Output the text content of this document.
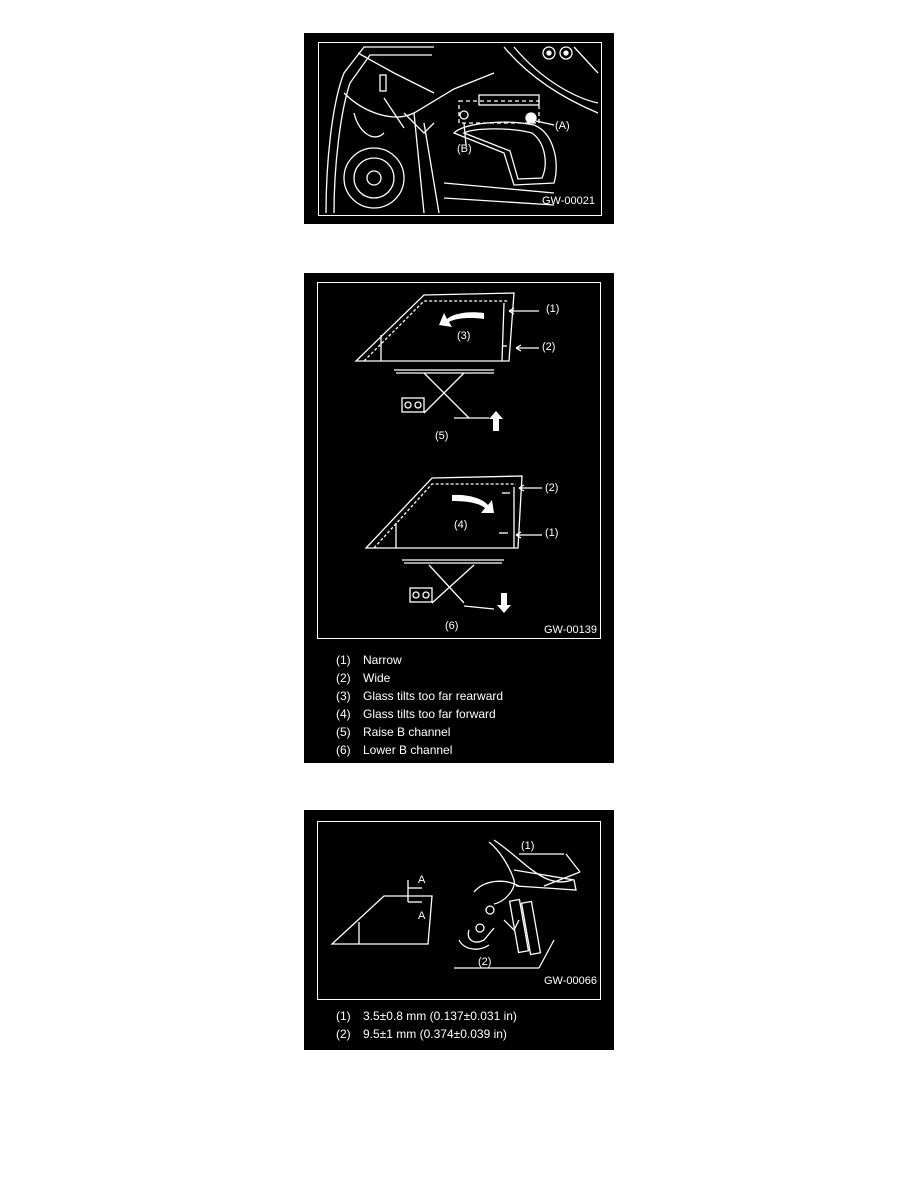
(A)
(B)
GW-00021
(1)
(2)
(3)
(5)
(2)
(4)
(1)
(6)	GW-00139
(1)	Narrow
(2)	Wide
(3)	Glass tilts too far rearward
(4)	Glass tilts too far forward
(5)	Raise B channel
(6)	Lower B channel
(1)
(2)
A
A
GW-00066
(1)	3.5±0.8 mm (0.137±0.031 in)
(2)	9.5±1 mm (0.374±0.039 in)
